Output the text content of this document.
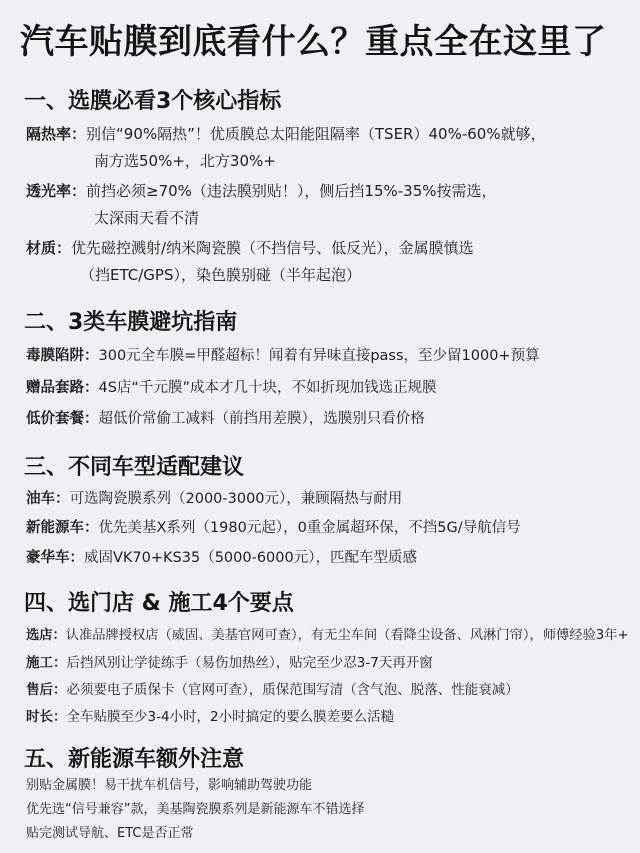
汽车贴膜到底看什么？重点全在这里了
一、选膜必看3个核心指标
隔热率：别信“90%隔热”！优质膜总太阳能阻隔率（TSER）40%-60%就够，
南方选50%+，北方30%+
透光率：前挡必须≥70%（违法膜别贴！），侧后挡15%-35%按需选，
太深雨天看不清
材质：优先磁控溅射/纳米陶瓷膜（不挡信号、低反光），金属膜慎选
（挡ETC/GPS），染色膜别碰（半年起泡）
二、3类车膜避坑指南
毒膜陷阱：300元全车膜=甲醛超标！闻着有异味直接pass，至少留1000+预算
赠品套路：4S店“千元膜”成本才几十块，不如折现加钱选正规膜
低价套餐：超低价常偷工减料（前挡用差膜），选膜别只看价格
三、不同车型适配建议
油车：可选陶瓷膜系列（2000-3000元），兼顾隔热与耐用
新能源车：优先美基X系列（1980元起），0重金属超环保，不挡5G/导航信号
豪华车：威固VK70+KS35（5000-6000元），匹配车型质感
四、选门店 & 施工4个要点
选店：认准品牌授权店（威固、美基官网可查），有无尘车间（看降尘设备、风淋门帘），师傅经验3年+
施工：后挡风别让学徒练手（易伤加热丝），贴完至少忍3-7天再开窗
售后：必须要电子质保卡（官网可查），质保范围写清（含气泡、脱落、性能衰减）
时长：全车贴膜至少3-4小时，2小时搞定的要么膜差要么活糙
五、新能源车额外注意
别贴金属膜！易干扰车机信号，影响辅助驾驶功能
优先选“信号兼容”款，美基陶瓷膜系列是新能源车不错选择
贴完测试导航、ETC是否正常
